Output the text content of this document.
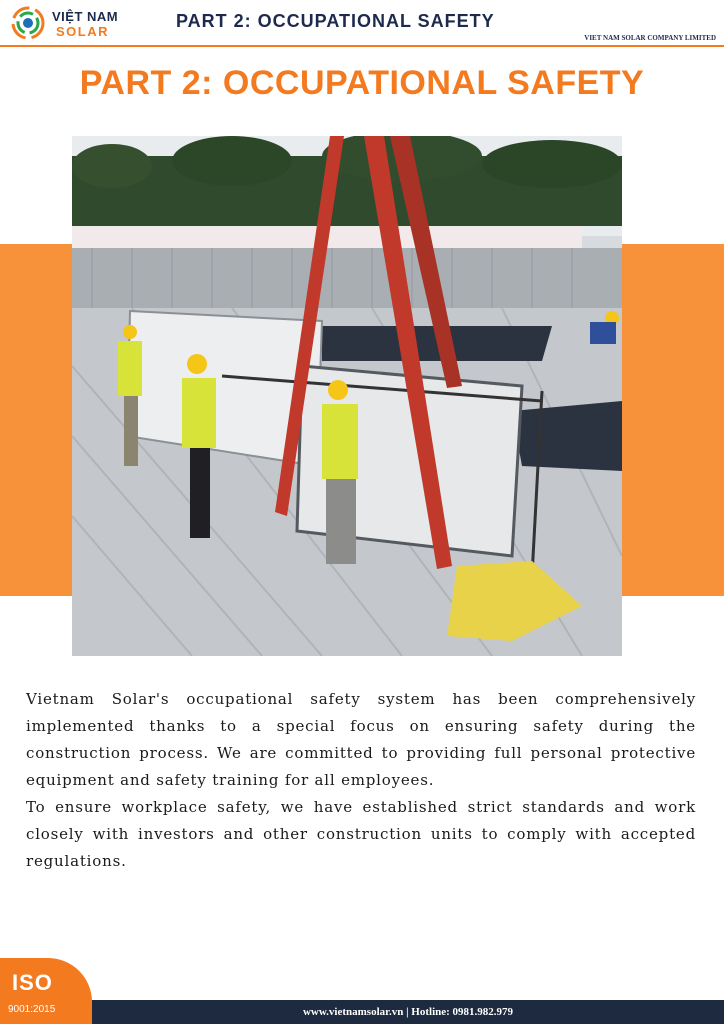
VIỆT NAM
SOLAR
PART 2: OCCUPATIONAL SAFETY
VIET NAM SOLAR COMPANY LIMITED
PART 2: OCCUPATIONAL SAFETY

Vietnam Solar's occupational safety system has been comprehensively implemented thanks to a special focus on ensuring safety during the construction process. We are committed to providing full personal protective equipment and safety training for all employees.

To ensure workplace safety, we have established strict standards and work closely with investors and other construction units to comply with accepted regulations.

ISO
9001:2015	www.vietnamsolar.vn | Hotline: 0981.982.979
